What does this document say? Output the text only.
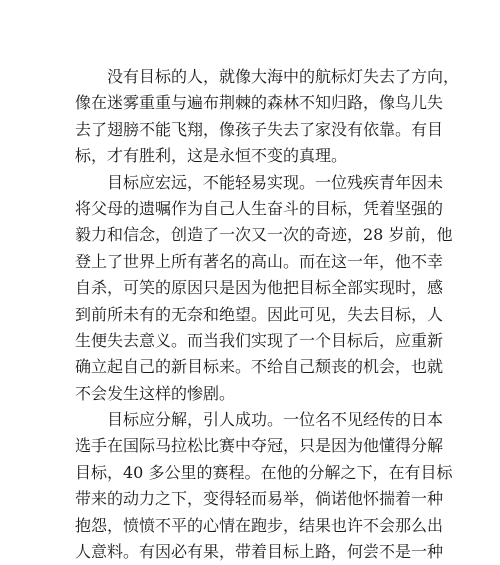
没有目标的人，就像大海中的航标灯失去了方向，
像在迷雾重重与遍布荆棘的森林不知归路，像鸟儿失
去了翅膀不能飞翔，像孩子失去了家没有依靠。有目
标，才有胜利，这是永恒不变的真理。
目标应宏远，不能轻易实现。一位残疾青年因未
将父母的遗嘱作为自己人生奋斗的目标，凭着坚强的
毅力和信念，创造了一次又一次的奇迹，28 岁前，他
登上了世界上所有著名的高山。而在这一年，他不幸
自杀，可笑的原因只是因为他把目标全部实现时，感
到前所未有的无奈和绝望。因此可见，失去目标，人
生便失去意义。而当我们实现了一个目标后，应重新
确立起自己的新目标来。不给自己颓丧的机会，也就
不会发生这样的惨剧。
目标应分解，引人成功。一位名不见经传的日本
选手在国际马拉松比赛中夺冠，只是因为他懂得分解
目标，40 多公里的赛程。在他的分解之下，在有目标
带来的动力之下，变得轻而易举，倘诺他怀揣着一种
抱怨，愤愤不平的心情在跑步，结果也许不会那么出
人意料。有因必有果，带着目标上路，何尝不是一种
